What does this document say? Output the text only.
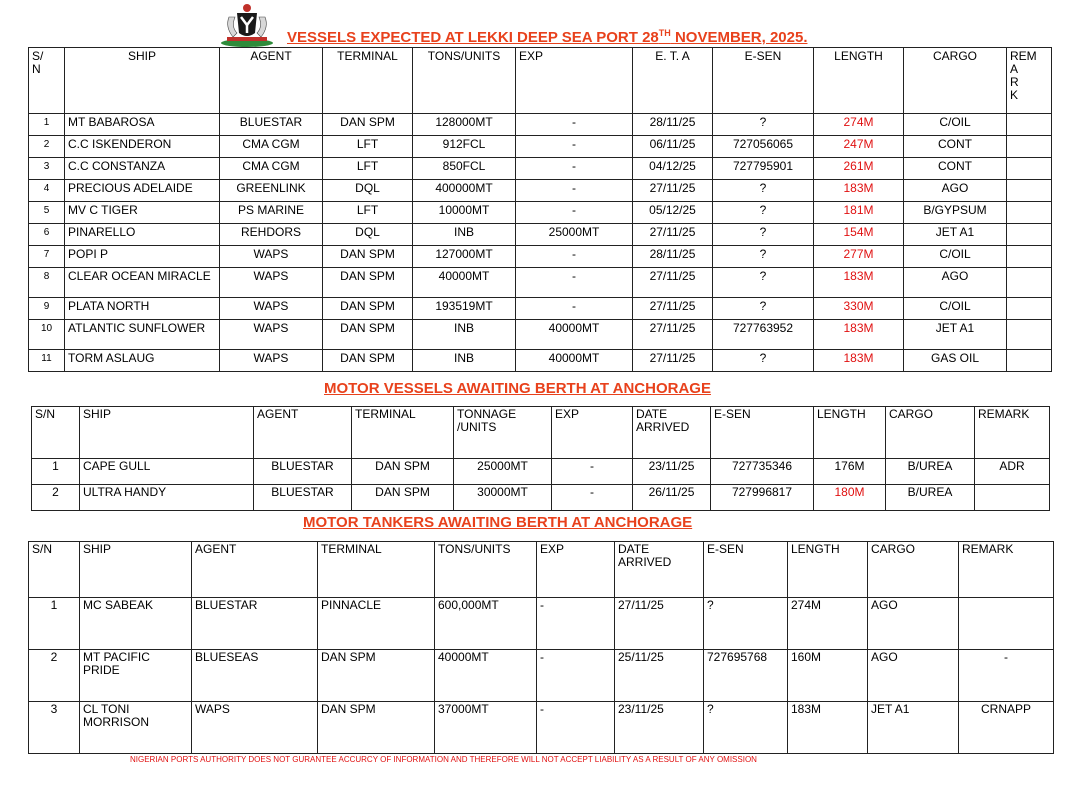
VESSELS EXPECTED AT LEKKI DEEP SEA PORT 28TH NOVEMBER, 2025.
S/
N	SHIP	AGENT	TERMINAL	TONS/UNITS	EXP	E. T. A	E-SEN	LENGTH	CARGO	REM
A
R
K
1	MT BABAROSA	BLUESTAR	DAN SPM	128000MT	-	28/11/25	?	274M	C/OIL	
2	C.C ISKENDERON	CMA CGM	LFT	912FCL	-	06/11/25	727056065	247M	CONT	
3	C.C CONSTANZA	CMA CGM	LFT	850FCL	-	04/12/25	727795901	261M	CONT	
4	PRECIOUS ADELAIDE	GREENLINK	DQL	400000MT	-	27/11/25	?	183M	AGO	
5	MV C TIGER	PS MARINE	LFT	10000MT	-	05/12/25	?	181M	B/GYPSUM	
6	PINARELLO	REHDORS	DQL	INB	25000MT	27/11/25	?	154M	JET A1	
7	POPI P	WAPS	DAN SPM	127000MT	-	28/11/25	?	277M	C/OIL	
8	CLEAR OCEAN MIRACLE	WAPS	DAN SPM	40000MT	-	27/11/25	?	183M	AGO	
9	PLATA NORTH	WAPS	DAN SPM	193519MT	-	27/11/25	?	330M	C/OIL	
10	ATLANTIC SUNFLOWER	WAPS	DAN SPM	INB	40000MT	27/11/25	727763952	183M	JET A1	
11	TORM ASLAUG	WAPS	DAN SPM	INB	40000MT	27/11/25	?	183M	GAS OIL	
MOTOR VESSELS AWAITING BERTH AT ANCHORAGE
S/N	SHIP	AGENT	TERMINAL	TONNAGE
/UNITS	EXP	DATE
ARRIVED	E-SEN	LENGTH	CARGO	REMARK
1	CAPE GULL	BLUESTAR	DAN SPM	25000MT	-	23/11/25	727735346	176M	B/UREA	ADR
2	ULTRA HANDY	BLUESTAR	DAN SPM	30000MT	-	26/11/25	727996817	180M	B/UREA	
MOTOR TANKERS AWAITING BERTH AT ANCHORAGE
S/N	SHIP	AGENT	TERMINAL	TONS/UNITS	EXP	DATE
ARRIVED	E-SEN	LENGTH	CARGO	REMARK
1	MC SABEAK	BLUESTAR	PINNACLE	600,000MT	-	27/11/25	?	274M	AGO	
2	MT PACIFIC PRIDE	BLUESEAS	DAN SPM	40000MT	-	25/11/25	727695768	160M	AGO	-
3	CL TONI MORRISON	WAPS	DAN SPM	37000MT	-	23/11/25	?	183M	JET A1	CRNAPP
NIGERIAN PORTS AUTHORITY DOES NOT GURANTEE ACCURCY OF INFORMATION AND THEREFORE WILL NOT ACCEPT LIABILITY AS A RESULT OF ANY OMISSION
